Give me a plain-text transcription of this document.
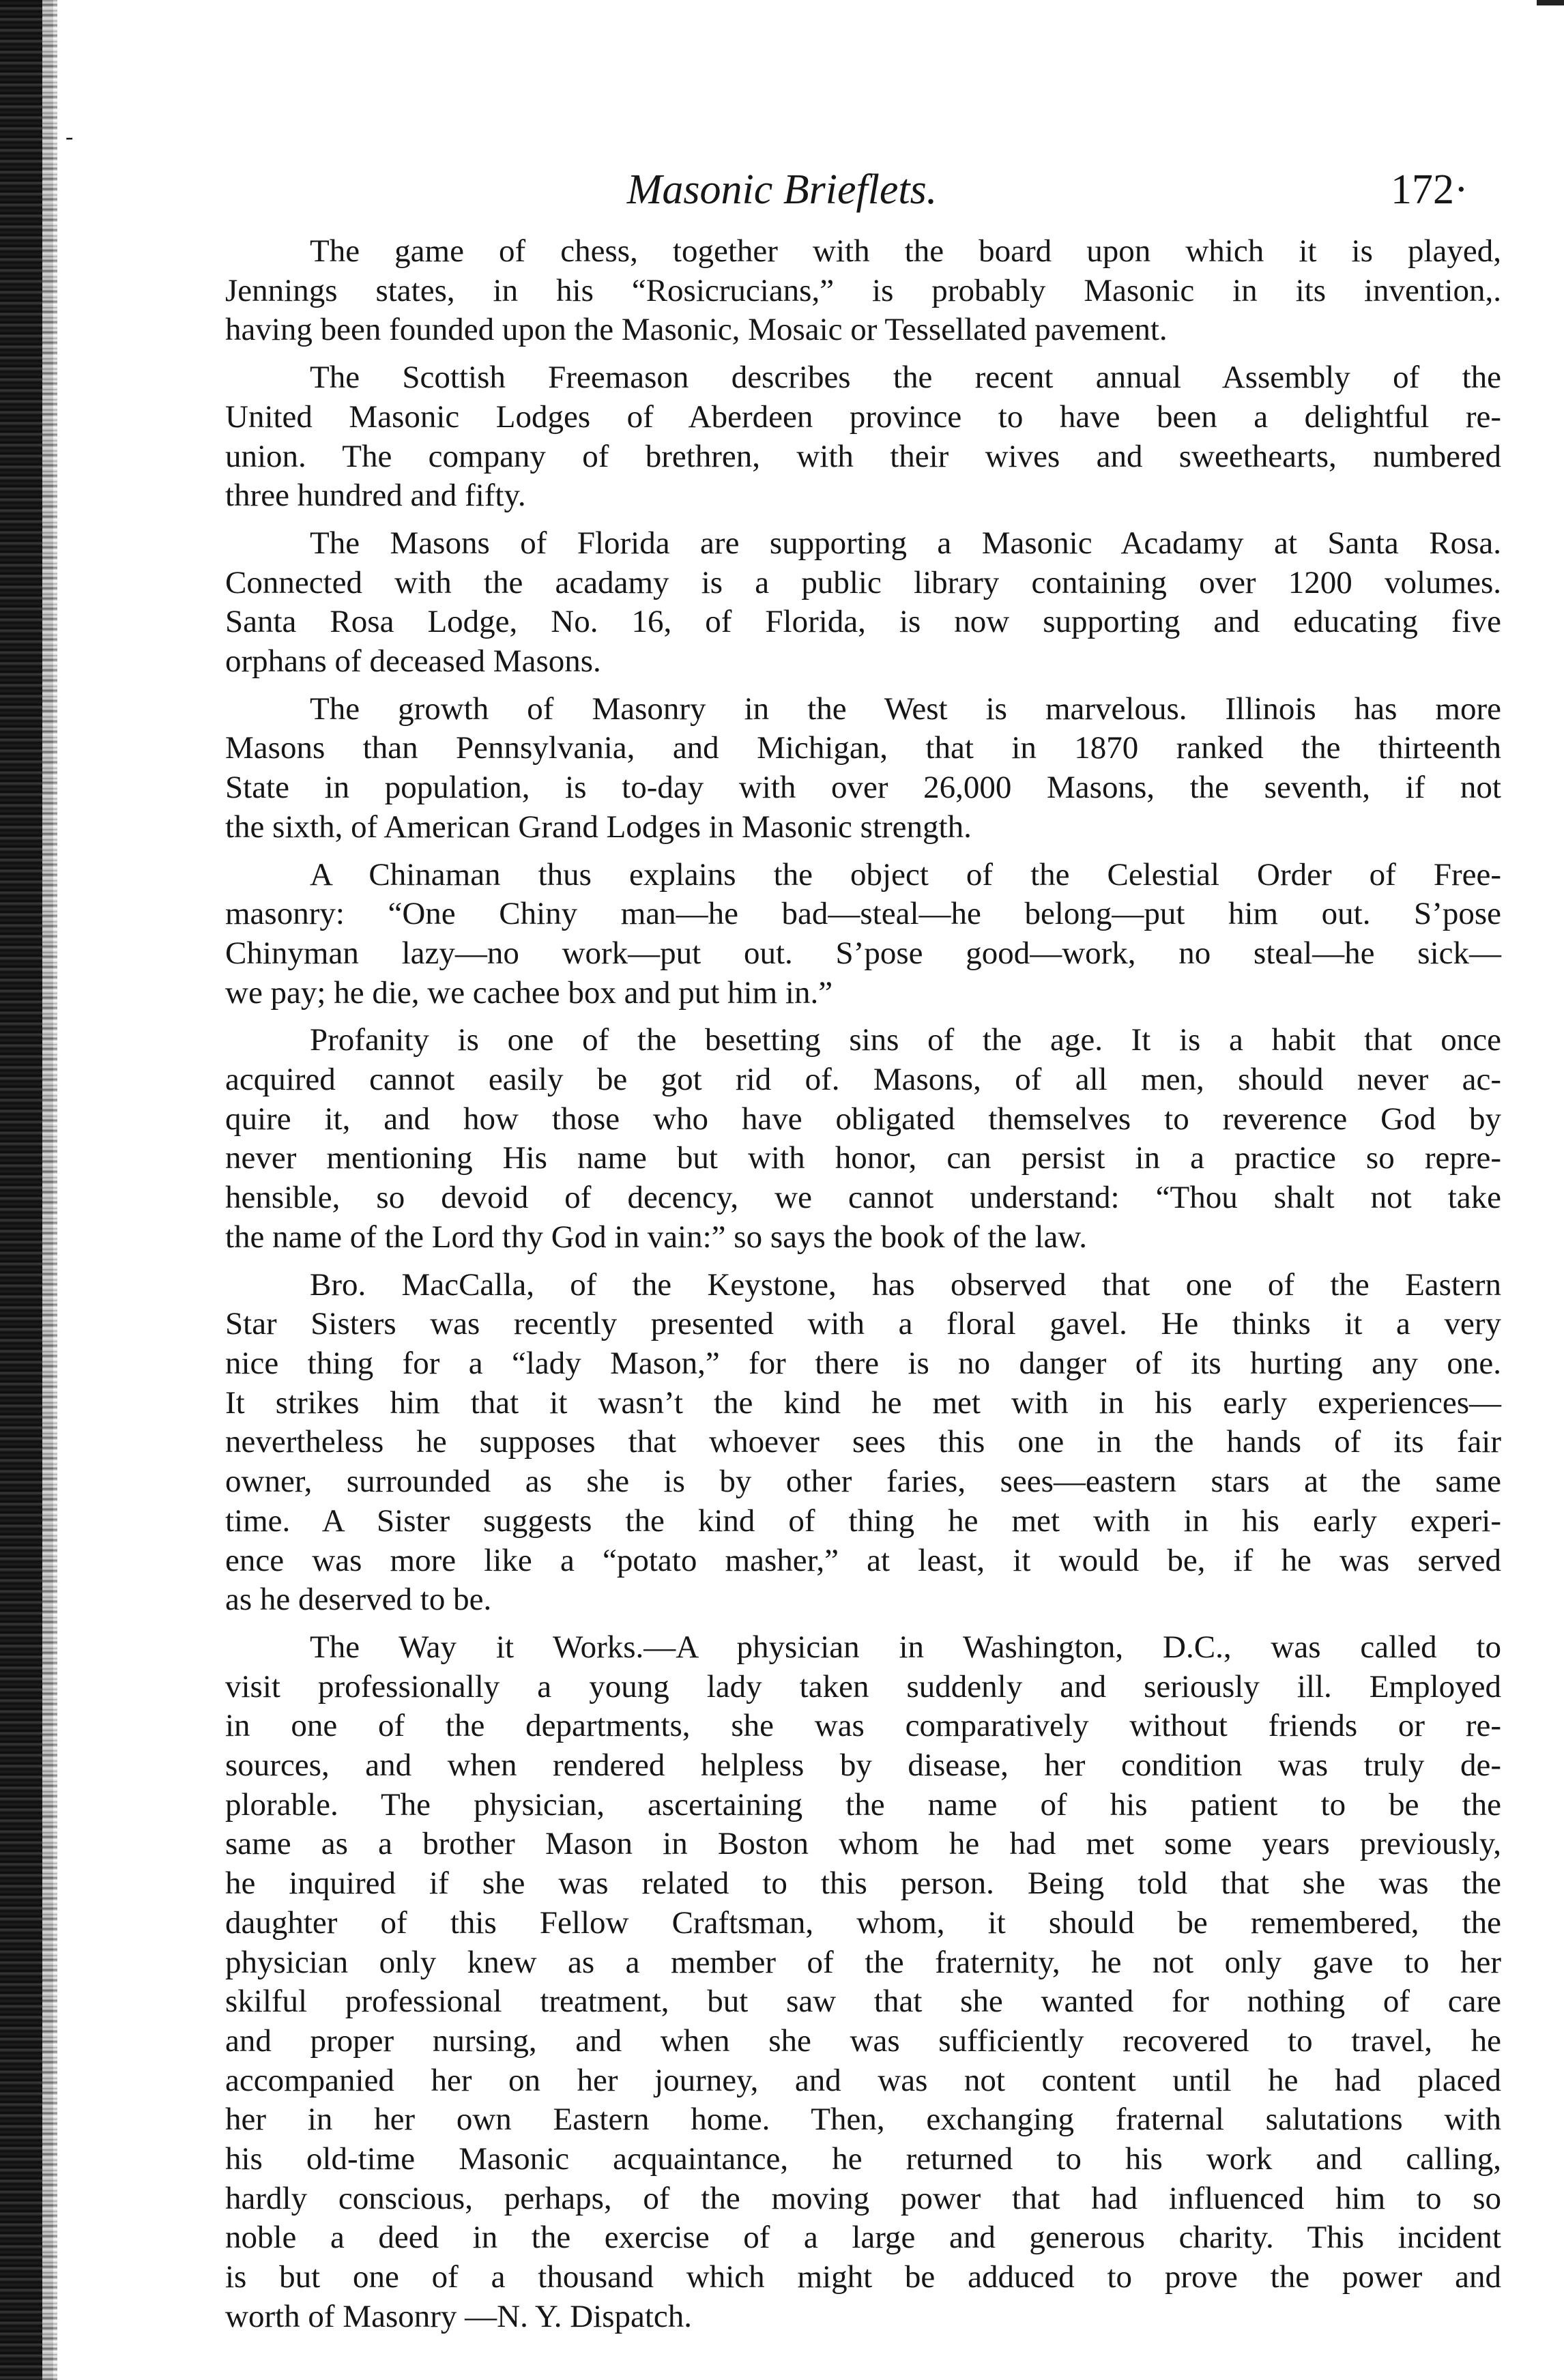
-
Masonic Brieflets.	172·
The game of chess, together with the board upon which it is played,
Jennings states, in his “Rosicrucians,” is probably Masonic in its invention,.
having been founded upon the Masonic, Mosaic or Tessellated pavement.
The Scottish Freemason describes the recent annual Assembly of the
United Masonic Lodges of Aberdeen province to have been a delightful re-
union. The company of brethren, with their wives and sweethearts, numbered
three hundred and fifty.
The Masons of Florida are supporting a Masonic Acadamy at Santa Rosa.
Connected with the acadamy is a public library containing over 1200 volumes.
Santa Rosa Lodge, No. 16, of Florida, is now supporting and educating five
orphans of deceased Masons.
The growth of Masonry in the West is marvelous. Illinois has more
Masons than Pennsylvania, and Michigan, that in 1870 ranked the thirteenth
State in population, is to-day with over 26,000 Masons, the seventh, if not
the sixth, of American Grand Lodges in Masonic strength.
A Chinaman thus explains the object of the Celestial Order of Free-
masonry: “One Chiny man—he bad—steal—he belong—put him out. S’pose
Chinyman lazy—no work—put out. S’pose good—work, no steal—he sick—
we pay; he die, we cachee box and put him in.”
Profanity is one of the besetting sins of the age. It is a habit that once
acquired cannot easily be got rid of. Masons, of all men, should never ac-
quire it, and how those who have obligated themselves to reverence God by
never mentioning His name but with honor, can persist in a practice so repre-
hensible, so devoid of decency, we cannot understand: “Thou shalt not take
the name of the Lord thy God in vain:” so says the book of the law.
Bro. MacCalla, of the Keystone, has observed that one of the Eastern
Star Sisters was recently presented with a floral gavel. He thinks it a very
nice thing for a “lady Mason,” for there is no danger of its hurting any one.
It strikes him that it wasn’t the kind he met with in his early experiences—
nevertheless he supposes that whoever sees this one in the hands of its fair
owner, surrounded as she is by other faries, sees—eastern stars at the same
time. A Sister suggests the kind of thing he met with in his early experi-
ence was more like a “potato masher,” at least, it would be, if he was served
as he deserved to be.
The Way it Works.—A physician in Washington, D.C., was called to
visit professionally a young lady taken suddenly and seriously ill. Employed
in one of the departments, she was comparatively without friends or re-
sources, and when rendered helpless by disease, her condition was truly de-
plorable. The physician, ascertaining the name of his patient to be the
same as a brother Mason in Boston whom he had met some years previously,
he inquired if she was related to this person. Being told that she was the
daughter of this Fellow Craftsman, whom, it should be remembered, the
physician only knew as a member of the fraternity, he not only gave to her
skilful professional treatment, but saw that she wanted for nothing of care
and proper nursing, and when she was sufficiently recovered to travel, he
accompanied her on her journey, and was not content until he had placed
her in her own Eastern home. Then, exchanging fraternal salutations with
his old-time Masonic acquaintance, he returned to his work and calling,
hardly conscious, perhaps, of the moving power that had influenced him to so
noble a deed in the exercise of a large and generous charity. This incident
is but one of a thousand which might be adduced to prove the power and
worth of Masonry —N. Y. Dispatch.
